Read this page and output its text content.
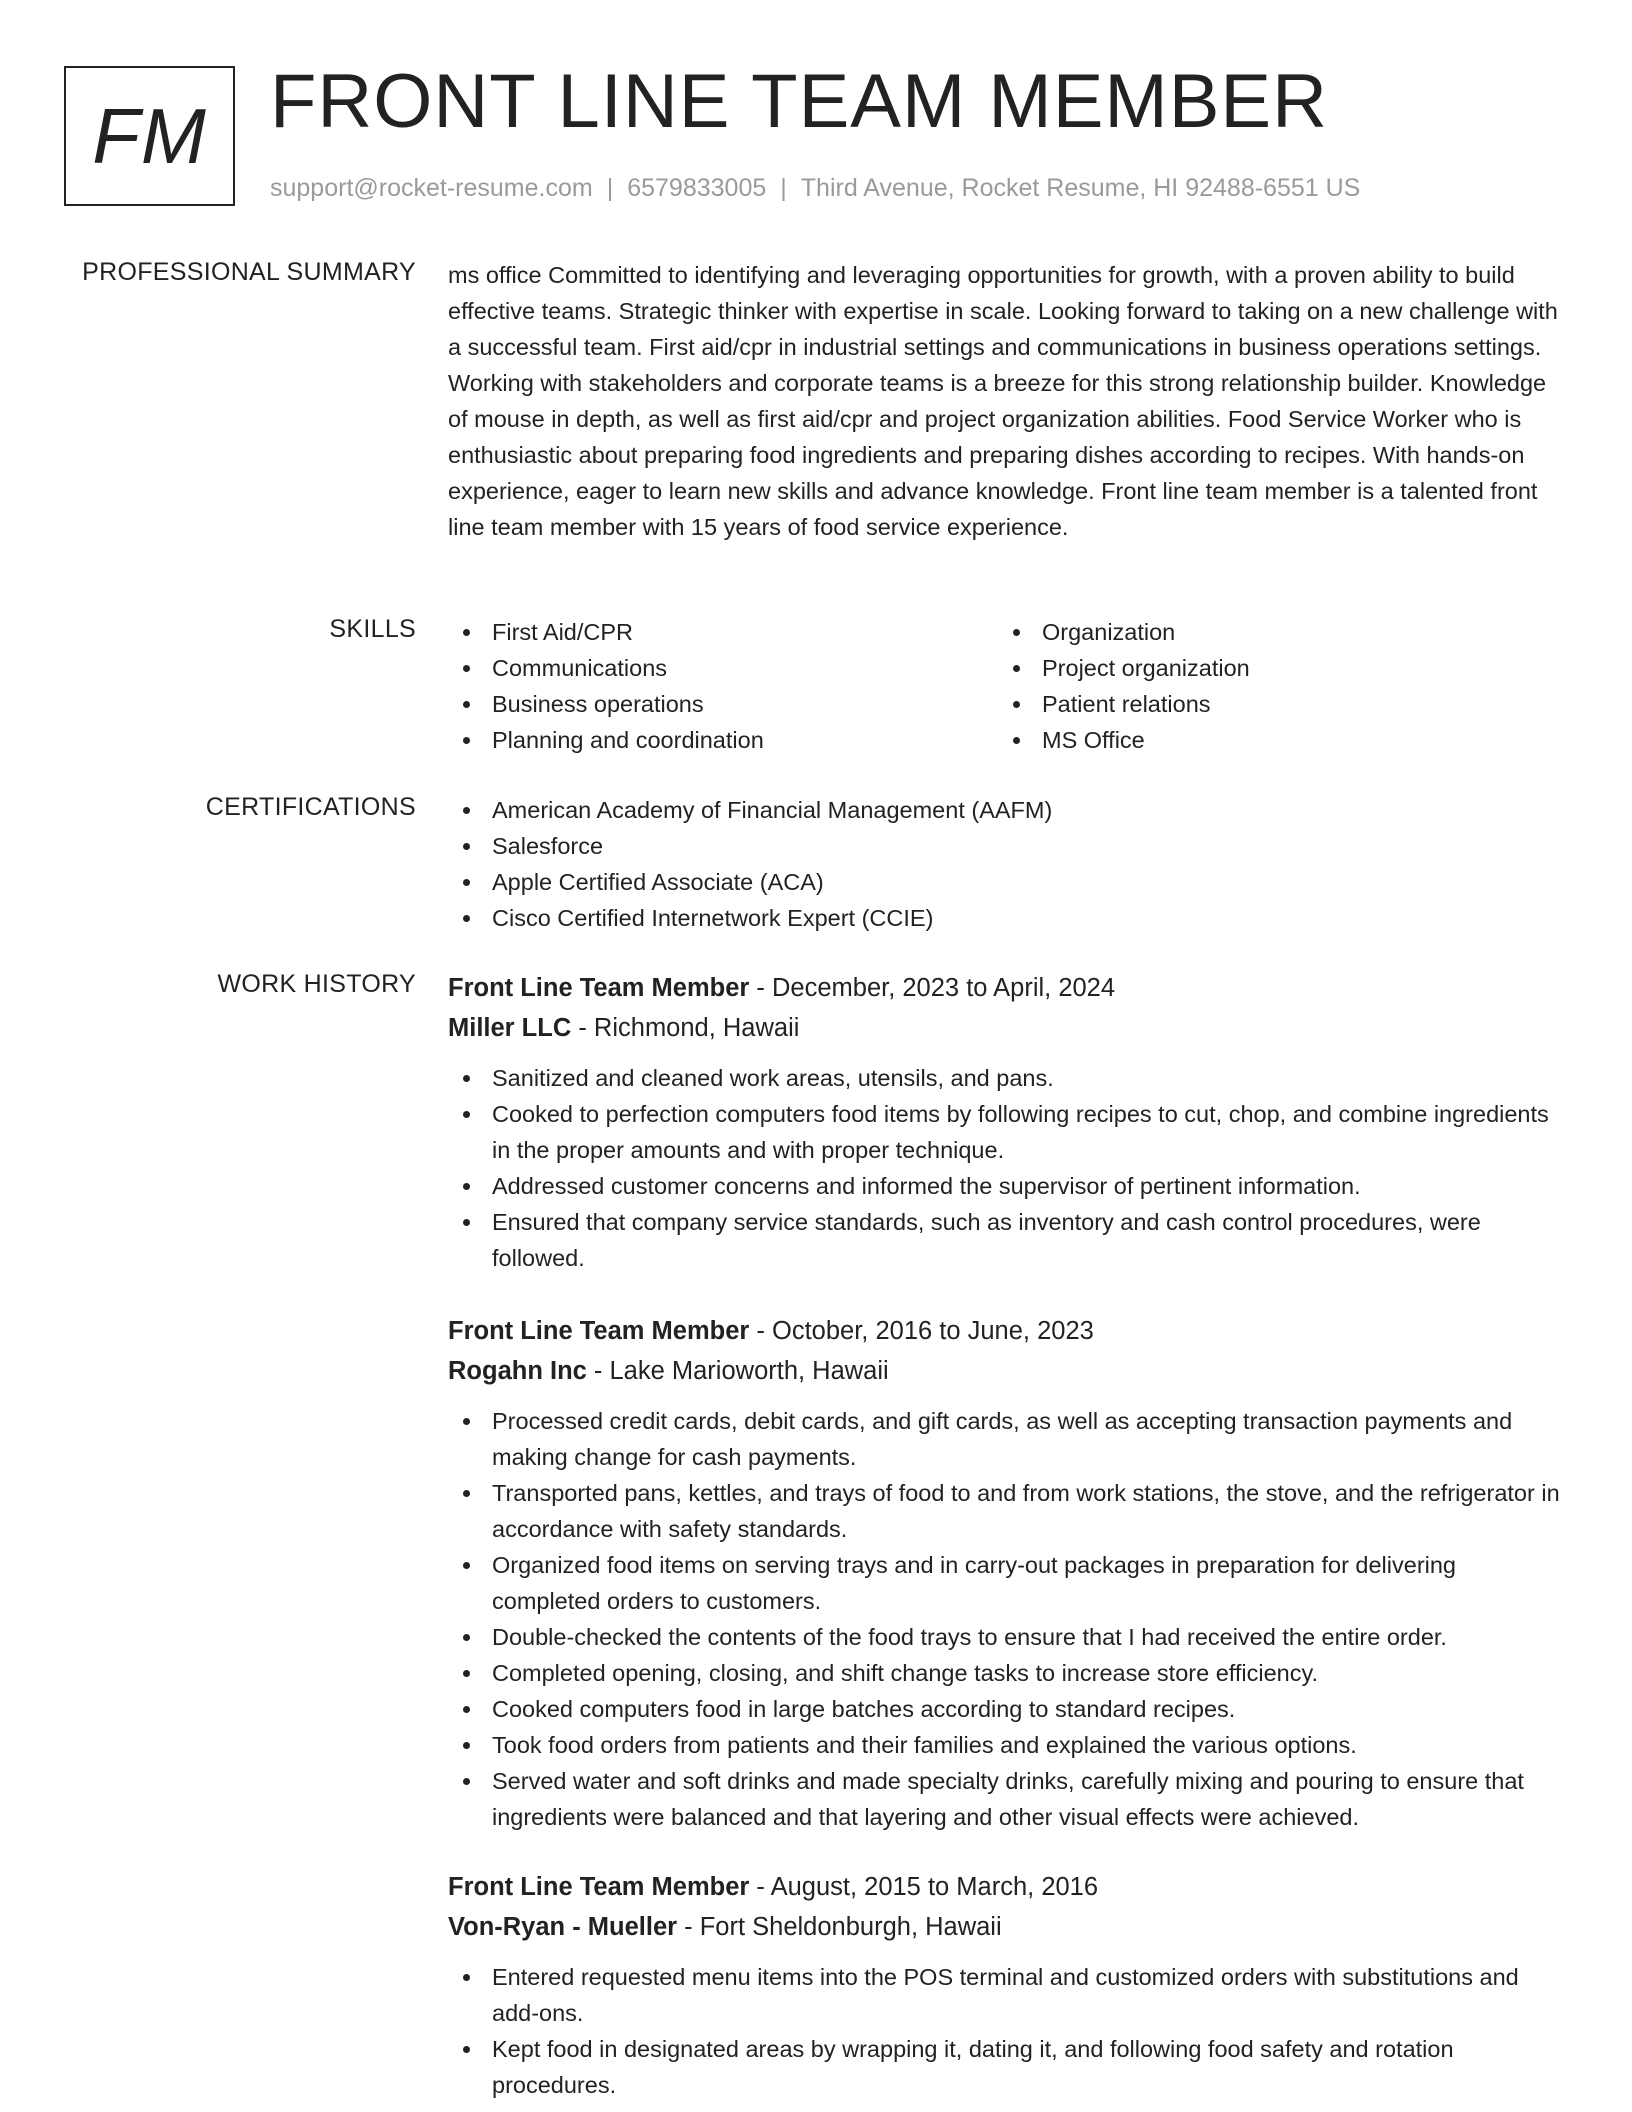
FM FRONT LINE TEAM MEMBER
support@rocket-resume.com | 6579833005 | Third Avenue, Rocket Resume, HI 92488-6551 US
PROFESSIONAL SUMMARY ms office Committed to identifying and leveraging opportunities for growth, with a proven ability to build effective teams. Strategic thinker with expertise in scale. Looking forward to taking on a new challenge with a successful team. First aid/cpr in industrial settings and communications in business operations settings. Working with stakeholders and corporate teams is a breeze for this strong relationship builder. Knowledge of mouse in depth, as well as first aid/cpr and project organization abilities. Food Service Worker who is enthusiastic about preparing food ingredients and preparing dishes according to recipes. With hands-on experience, eager to learn new skills and advance knowledge. Front line team member is a talented front line team member with 15 years of food service experience.
SKILLS	First Aid/CPR
Communications
Business operations
Planning and coordination
Organization
Project organization
Patient relations
MS Office
CERTIFICATIONS	American Academy of Financial Management (AAFM)
Salesforce
Apple Certified Associate (ACA)
Cisco Certified Internetwork Expert (CCIE)
WORK HISTORY Front Line Team Member - December, 2023 to April, 2024
Miller LLC - Richmond, Hawaii
Sanitized and cleaned work areas, utensils, and pans.
Cooked to perfection computers food items by following recipes to cut, chop, and combine ingredients in the proper amounts and with proper technique.
Addressed customer concerns and informed the supervisor of pertinent information.
Ensured that company service standards, such as inventory and cash control procedures, were followed.
Front Line Team Member - October, 2016 to June, 2023
Rogahn Inc - Lake Marioworth, Hawaii
Processed credit cards, debit cards, and gift cards, as well as accepting transaction payments and making change for cash payments.
Transported pans, kettles, and trays of food to and from work stations, the stove, and the refrigerator in accordance with safety standards.
Organized food items on serving trays and in carry-out packages in preparation for delivering completed orders to customers.
Double-checked the contents of the food trays to ensure that I had received the entire order.
Completed opening, closing, and shift change tasks to increase store efficiency.
Cooked computers food in large batches according to standard recipes.
Took food orders from patients and their families and explained the various options.
Served water and soft drinks and made specialty drinks, carefully mixing and pouring to ensure that ingredients were balanced and that layering and other visual effects were achieved.
Front Line Team Member - August, 2015 to March, 2016
Von-Ryan - Mueller - Fort Sheldonburgh, Hawaii
Entered requested menu items into the POS terminal and customized orders with substitutions and add-ons.
Kept food in designated areas by wrapping it, dating it, and following food safety and rotation procedures.
